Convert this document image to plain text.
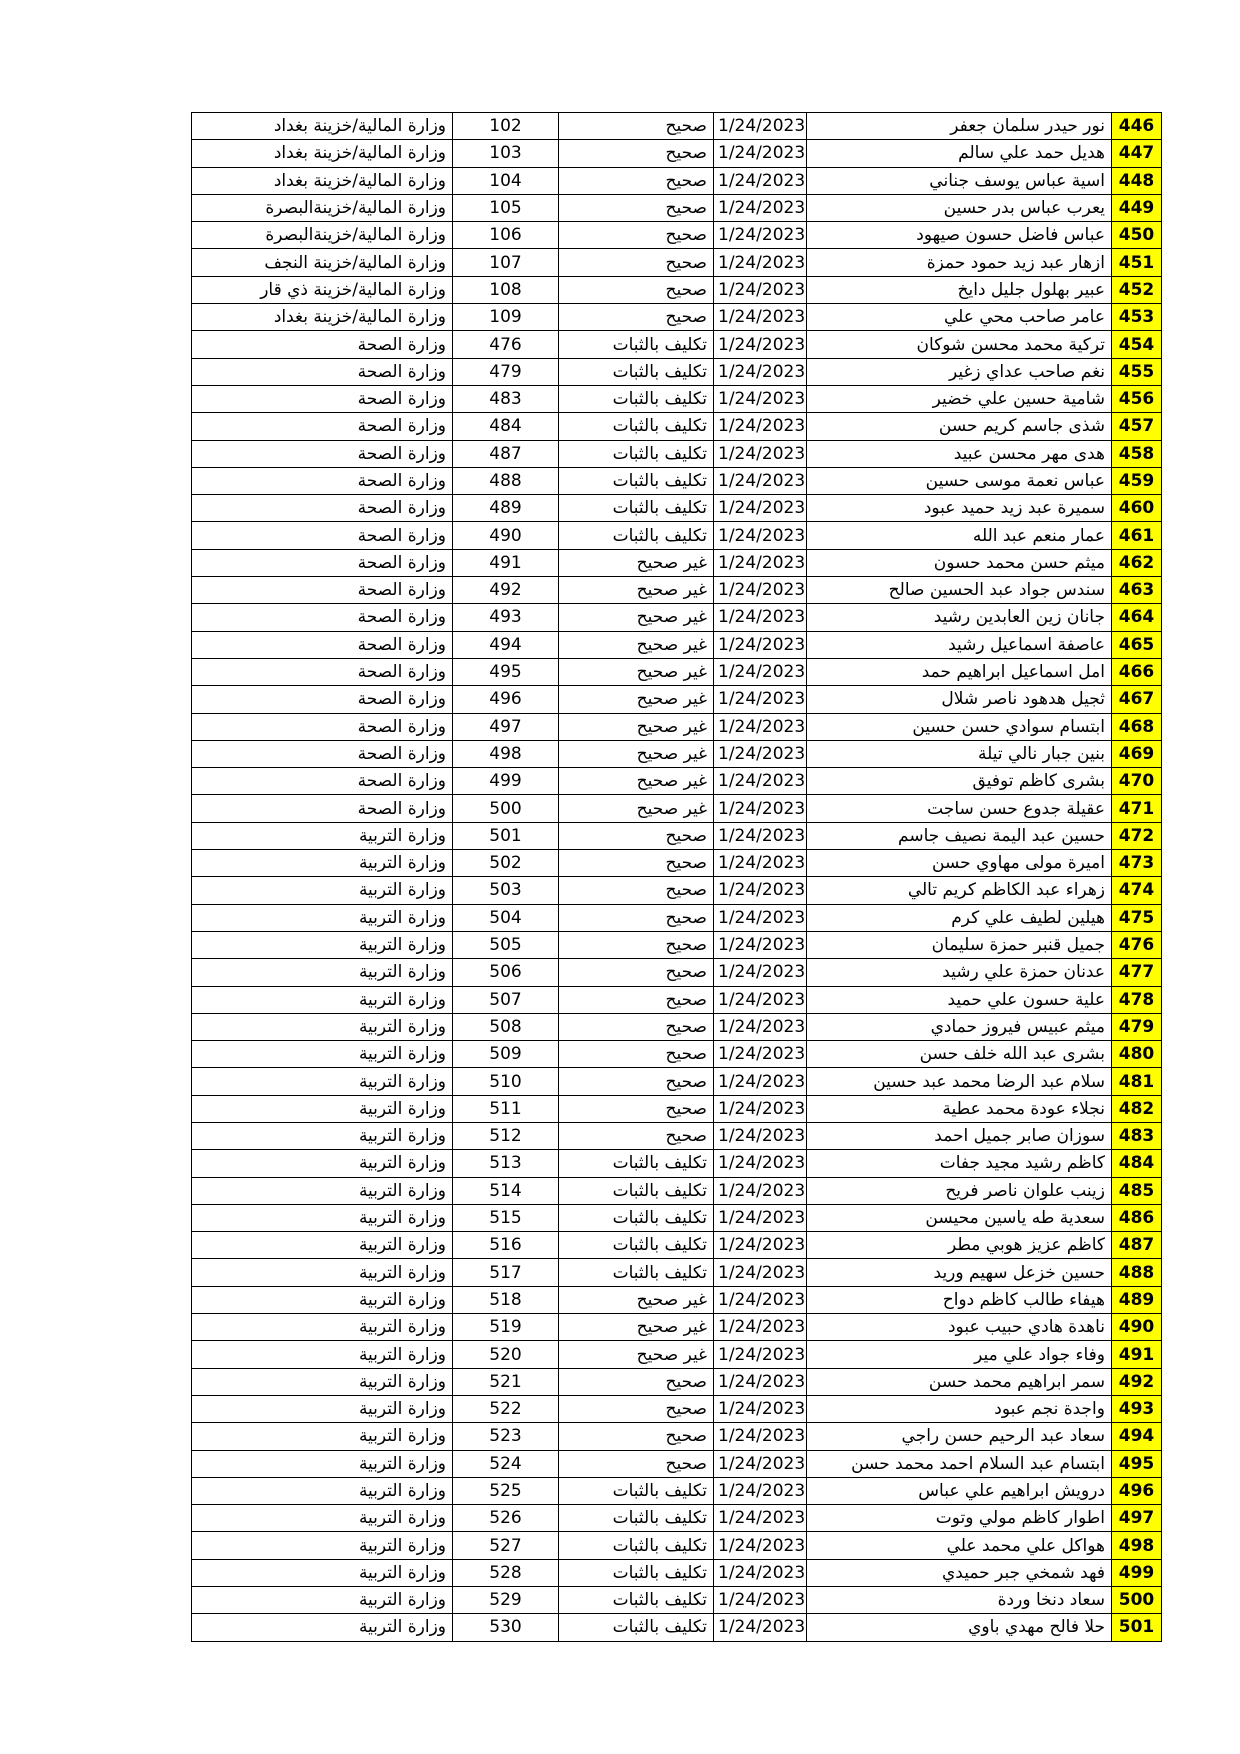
446	نور حيدر سلمان جعفر	1/24/2023	صحيح	102	وزارة المالية/خزينة بغداد
447	هديل حمد علي سالم	1/24/2023	صحيح	103	وزارة المالية/خزينة بغداد
448	اسية عباس يوسف جناني	1/24/2023	صحيح	104	وزارة المالية/خزينة بغداد
449	يعرب عباس بدر حسين	1/24/2023	صحيح	105	وزارة المالية/خزينةالبصرة
450	عباس فاضل حسون صيهود	1/24/2023	صحيح	106	وزارة المالية/خزينةالبصرة
451	ازهار عبد زيد حمود حمزة	1/24/2023	صحيح	107	وزارة المالية/خزينة النجف
452	عبير بهلول جليل دايخ	1/24/2023	صحيح	108	وزارة المالية/خزينة ذي قار
453	عامر صاحب محي علي	1/24/2023	صحيح	109	وزارة المالية/خزينة بغداد
454	تركية محمد محسن شوكان	1/24/2023	تكليف بالثبات	476	وزارة الصحة
455	نغم صاحب عداي زغير	1/24/2023	تكليف بالثبات	479	وزارة الصحة
456	شامية حسين علي خضير	1/24/2023	تكليف بالثبات	483	وزارة الصحة
457	شذى جاسم كريم حسن	1/24/2023	تكليف بالثبات	484	وزارة الصحة
458	هدى مهر محسن عبيد	1/24/2023	تكليف بالثبات	487	وزارة الصحة
459	عباس نعمة موسى حسين	1/24/2023	تكليف بالثبات	488	وزارة الصحة
460	سميرة عبد زيد حميد عبود	1/24/2023	تكليف بالثبات	489	وزارة الصحة
461	عمار منعم عبد الله	1/24/2023	تكليف بالثبات	490	وزارة الصحة
462	ميثم حسن محمد حسون	1/24/2023	غير صحيح	491	وزارة الصحة
463	سندس جواد عبد الحسين صالح	1/24/2023	غير صحيح	492	وزارة الصحة
464	جانان زين العابدين رشيد	1/24/2023	غير صحيح	493	وزارة الصحة
465	عاصفة اسماعيل رشيد	1/24/2023	غير صحيح	494	وزارة الصحة
466	امل اسماعيل ابراهيم حمد	1/24/2023	غير صحيح	495	وزارة الصحة
467	ثجيل هدهود ناصر شلال	1/24/2023	غير صحيح	496	وزارة الصحة
468	ابتسام سوادي حسن حسين	1/24/2023	غير صحيح	497	وزارة الصحة
469	بنين جبار نالي تيلة	1/24/2023	غير صحيح	498	وزارة الصحة
470	بشرى كاظم توفيق	1/24/2023	غير صحيح	499	وزارة الصحة
471	عقيلة جدوع حسن ساجت	1/24/2023	غير صحيح	500	وزارة الصحة
472	حسين عبد اليمة نصيف جاسم	1/24/2023	صحيح	501	وزارة التربية
473	اميرة مولى مهاوي حسن	1/24/2023	صحيح	502	وزارة التربية
474	زهراء عبد الكاظم كريم تالي	1/24/2023	صحيح	503	وزارة التربية
475	هيلين لطيف علي كرم	1/24/2023	صحيح	504	وزارة التربية
476	جميل قنبر حمزة سليمان	1/24/2023	صحيح	505	وزارة التربية
477	عدنان حمزة علي رشيد	1/24/2023	صحيح	506	وزارة التربية
478	علية حسون علي حميد	1/24/2023	صحيح	507	وزارة التربية
479	ميثم عبيس فيروز حمادي	1/24/2023	صحيح	508	وزارة التربية
480	بشرى عبد الله خلف حسن	1/24/2023	صحيح	509	وزارة التربية
481	سلام عبد الرضا محمد عبد حسين	1/24/2023	صحيح	510	وزارة التربية
482	نجلاء عودة محمد عطية	1/24/2023	صحيح	511	وزارة التربية
483	سوزان صابر جميل احمد	1/24/2023	صحيح	512	وزارة التربية
484	كاظم رشيد مجيد جفات	1/24/2023	تكليف بالثبات	513	وزارة التربية
485	زينب علوان ناصر فريح	1/24/2023	تكليف بالثبات	514	وزارة التربية
486	سعدية طه ياسين محيسن	1/24/2023	تكليف بالثبات	515	وزارة التربية
487	كاظم عزيز هوبي مطر	1/24/2023	تكليف بالثبات	516	وزارة التربية
488	حسين خزعل سهيم وريد	1/24/2023	تكليف بالثبات	517	وزارة التربية
489	هيفاء طالب كاظم دواح	1/24/2023	غير صحيح	518	وزارة التربية
490	ناهدة هادي حبيب عبود	1/24/2023	غير صحيح	519	وزارة التربية
491	وفاء جواد علي مير	1/24/2023	غير صحيح	520	وزارة التربية
492	سمر ابراهيم محمد حسن	1/24/2023	صحيح	521	وزارة التربية
493	واجدة نجم عبود	1/24/2023	صحيح	522	وزارة التربية
494	سعاد عبد الرحيم حسن راجي	1/24/2023	صحيح	523	وزارة التربية
495	ابتسام عبد السلام احمد محمد حسن	1/24/2023	صحيح	524	وزارة التربية
496	درويش ابراهيم علي عباس	1/24/2023	تكليف بالثبات	525	وزارة التربية
497	اطوار كاظم مولي وتوت	1/24/2023	تكليف بالثبات	526	وزارة التربية
498	هواكل علي محمد علي	1/24/2023	تكليف بالثبات	527	وزارة التربية
499	فهد شمخي جبر حميدي	1/24/2023	تكليف بالثبات	528	وزارة التربية
500	سعاد دنخا وردة	1/24/2023	تكليف بالثبات	529	وزارة التربية
501	حلا فالح مهدي باوي	1/24/2023	تكليف بالثبات	530	وزارة التربية
